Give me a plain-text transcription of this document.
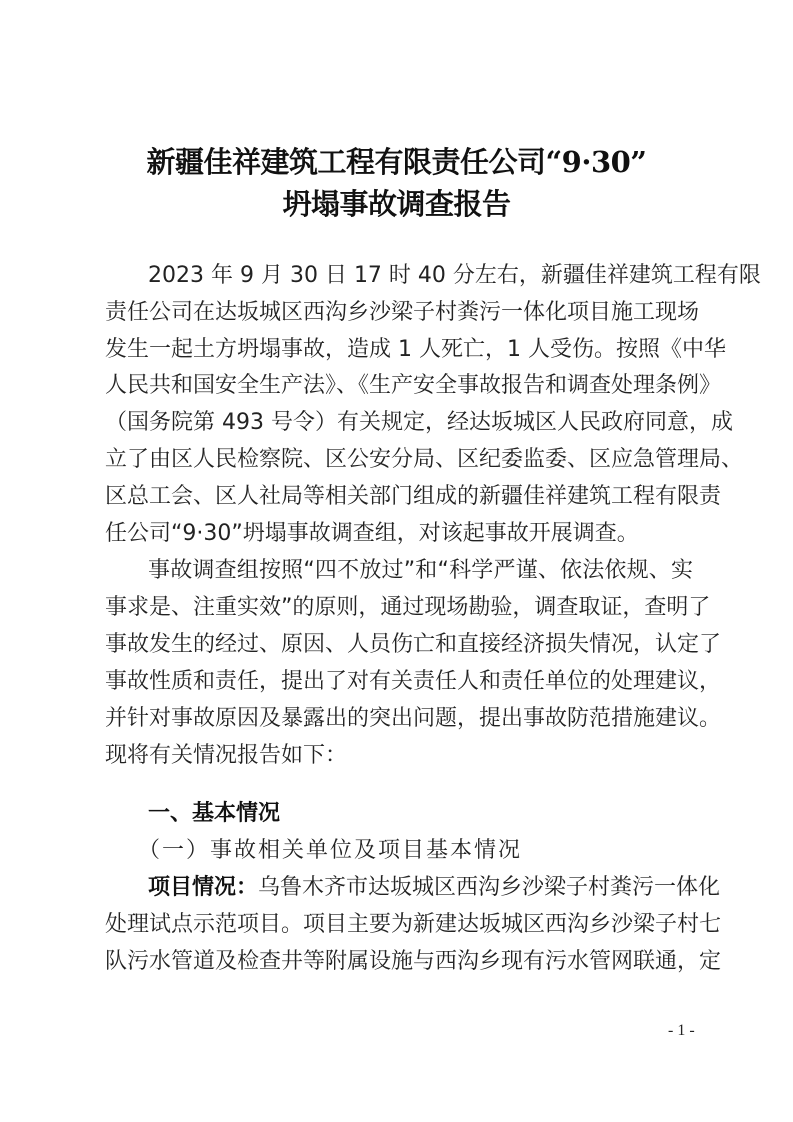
新疆佳祥建筑工程有限责任公司“9·30”
坍塌事故调查报告
2023 年 9 月 30 日 17 时 40 分左右，新疆佳祥建筑工程有限
责任公司在达坂城区西沟乡沙梁子村粪污一体化项目施工现场
发生一起土方坍塌事故，造成 1 人死亡，1 人受伤。按照《中华
人民共和国安全生产法》、《生产安全事故报告和调查处理条例》
（国务院第 493 号令）有关规定，经达坂城区人民政府同意，成
立了由区人民检察院、区公安分局、区纪委监委、区应急管理局、
区总工会、区人社局等相关部门组成的新疆佳祥建筑工程有限责
任公司“9·30”坍塌事故调查组，对该起事故开展调查。
事故调查组按照“四不放过”和“科学严谨、依法依规、实
事求是、注重实效”的原则，通过现场勘验，调查取证，查明了
事故发生的经过、原因、人员伤亡和直接经济损失情况，认定了
事故性质和责任，提出了对有关责任人和责任单位的处理建议，
并针对事故原因及暴露出的突出问题，提出事故防范措施建议。
现将有关情况报告如下：
一、基本情况
（一）事故相关单位及项目基本情况
项目情况：乌鲁木齐市达坂城区西沟乡沙梁子村粪污一体化
处理试点示范项目。项目主要为新建达坂城区西沟乡沙梁子村七
队污水管道及检查井等附属设施与西沟乡现有污水管网联通，定
- 1 -
